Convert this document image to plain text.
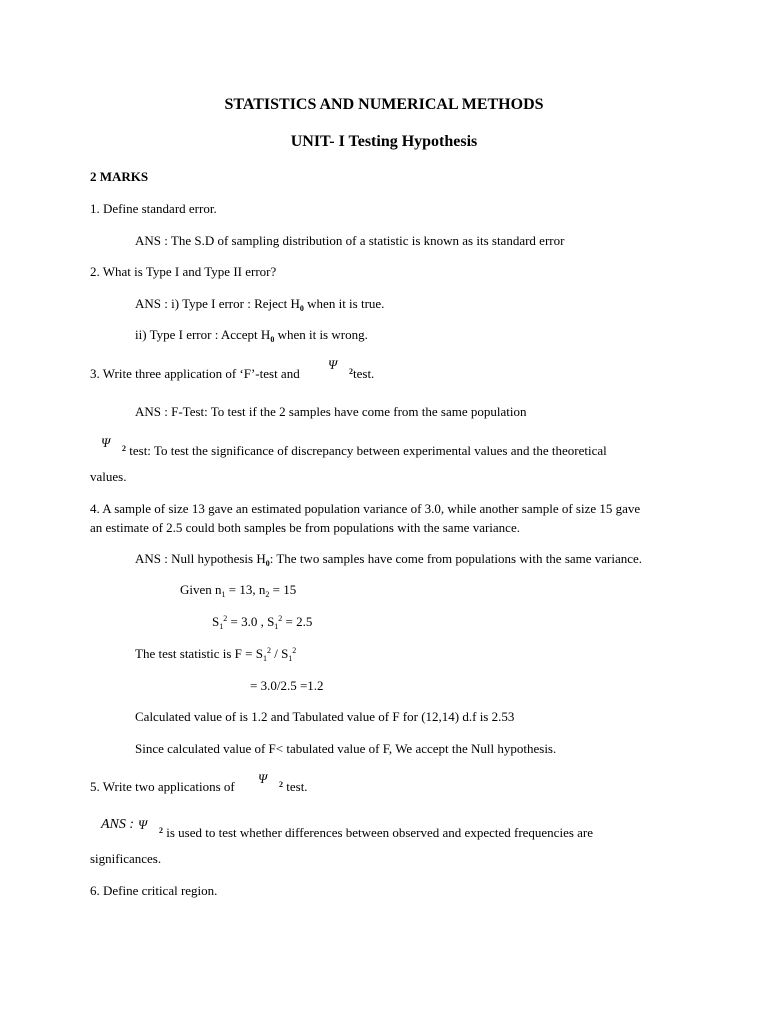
STATISTICS AND NUMERICAL METHODS
UNIT- I Testing Hypothesis
2 MARKS
1. Define standard error.
ANS : The S.D of sampling distribution of a statistic is known as its standard error
2. What is Type I and Type II error?
ANS : i) Type I error : Reject $H_0$ when it is true.
ii) Type I error : Accept $H_0$ when it is wrong.
3. Write three application of ‘F’-test and
Ψ $^2$test.
ANS : F-Test: To test if the 2 samples have come from the same population
Ψ $^2$ test: To test the significance of discrepancy between experimental values and the theoretical
values.
4. A sample of size 13 gave an estimated population variance of 3.0, while another sample of size 15 gave
an estimate of 2.5 could both samples be from populations with the same variance.
ANS : Null hypothesis $H_0$: The two samples have come from populations with the same variance.
Given $n_1 = 13$, $n_2 = 15$
$S_1^2 = 3.0$ , $S_1^2 = 2.5$
The test statistic is $F = S_1^2 / S_1^2$
= 3.0/2.5 =1.2
Calculated value of is 1.2 and Tabulated value of F for (12,14) d.f is 2.53
Since calculated value of F< tabulated value of F, We accept the Null hypothesis.
5. Write two applications of
Ψ $^2$ test.
ANS : Ψ $^2$ is used to test whether differences between observed and expected frequencies are
significances.
6. Define critical region.
